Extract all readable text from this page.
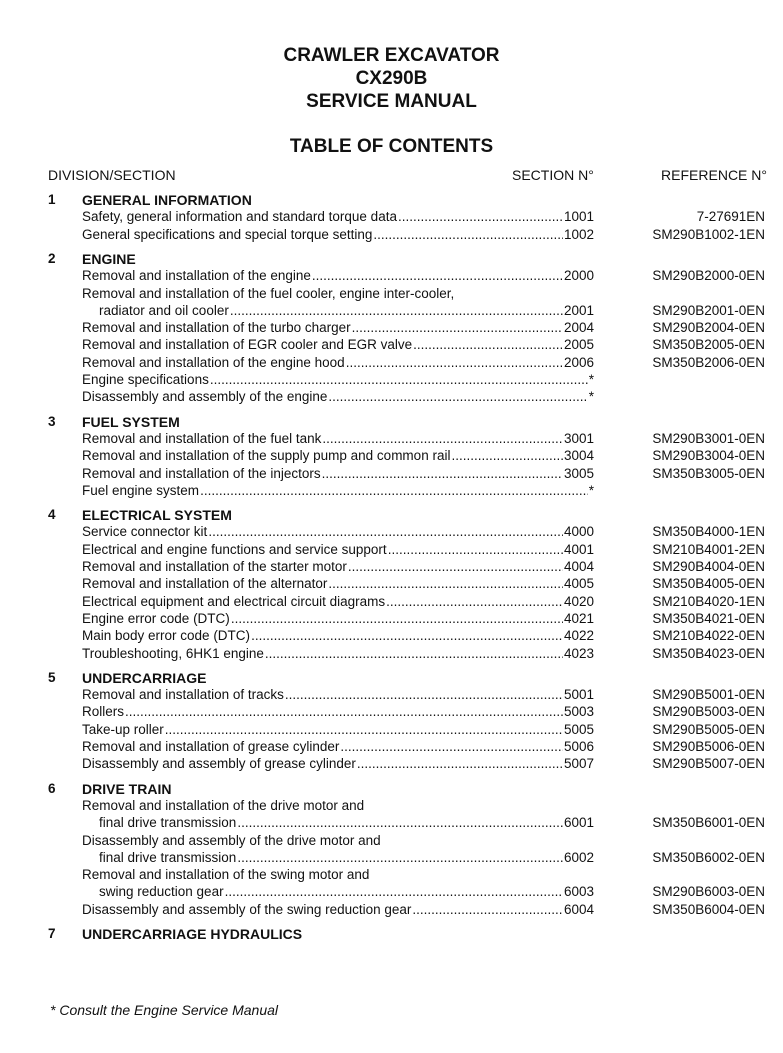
CRAWLER EXCAVATOR
CX290B
SERVICE MANUAL
TABLE OF CONTENTS
DIVISION/SECTION	SECTION N°	REFERENCE N°
1 GENERAL INFORMATION
Safety, general information and standard torque data .....	1001	7-27691EN
General specifications and special torque setting .....	1002	SM290B1002-1EN
2 ENGINE
Removal and installation of the engine .....	2000	SM290B2000-0EN
Removal and installation of the fuel cooler, engine inter-cooler,
radiator and oil cooler .....	2001	SM290B2001-0EN
Removal and installation of the turbo charger .....	2004	SM290B2004-0EN
Removal and installation of EGR cooler and EGR valve .....	2005	SM350B2005-0EN
Removal and installation of the engine hood .....	2006	SM350B2006-0EN
Engine specifications .....	*
Disassembly and assembly of the engine .....	*
3 FUEL SYSTEM
Removal and installation of the fuel tank .....	3001	SM290B3001-0EN
Removal and installation of the supply pump and common rail .....	3004	SM290B3004-0EN
Removal and installation of the injectors .....	3005	SM350B3005-0EN
Fuel engine system .....	*
4 ELECTRICAL SYSTEM
Service connector kit .....	4000	SM350B4000-1EN
Electrical and engine functions and service support .....	4001	SM210B4001-2EN
Removal and installation of the starter motor .....	4004	SM290B4004-0EN
Removal and installation of the alternator .....	4005	SM350B4005-0EN
Electrical equipment and electrical circuit diagrams .....	4020	SM210B4020-1EN
Engine error code (DTC) .....	4021	SM350B4021-0EN
Main body error code (DTC) .....	4022	SM210B4022-0EN
Troubleshooting, 6HK1 engine .....	4023	SM350B4023-0EN
5 UNDERCARRIAGE
Removal and installation of tracks .....	5001	SM290B5001-0EN
Rollers .....	5003	SM290B5003-0EN
Take-up roller .....	5005	SM290B5005-0EN
Removal and installation of grease cylinder .....	5006	SM290B5006-0EN
Disassembly and assembly of grease cylinder .....	5007	SM290B5007-0EN
6 DRIVE TRAIN
Removal and installation of the drive motor and
final drive transmission .....	6001	SM350B6001-0EN
Disassembly and assembly of the drive motor and
final drive transmission .....	6002	SM350B6002-0EN
Removal and installation of the swing motor and
swing reduction gear .....	6003	SM290B6003-0EN
Disassembly and assembly of the swing reduction gear .....	6004	SM350B6004-0EN
7 UNDERCARRIAGE HYDRAULICS
* Consult the Engine Service Manual
